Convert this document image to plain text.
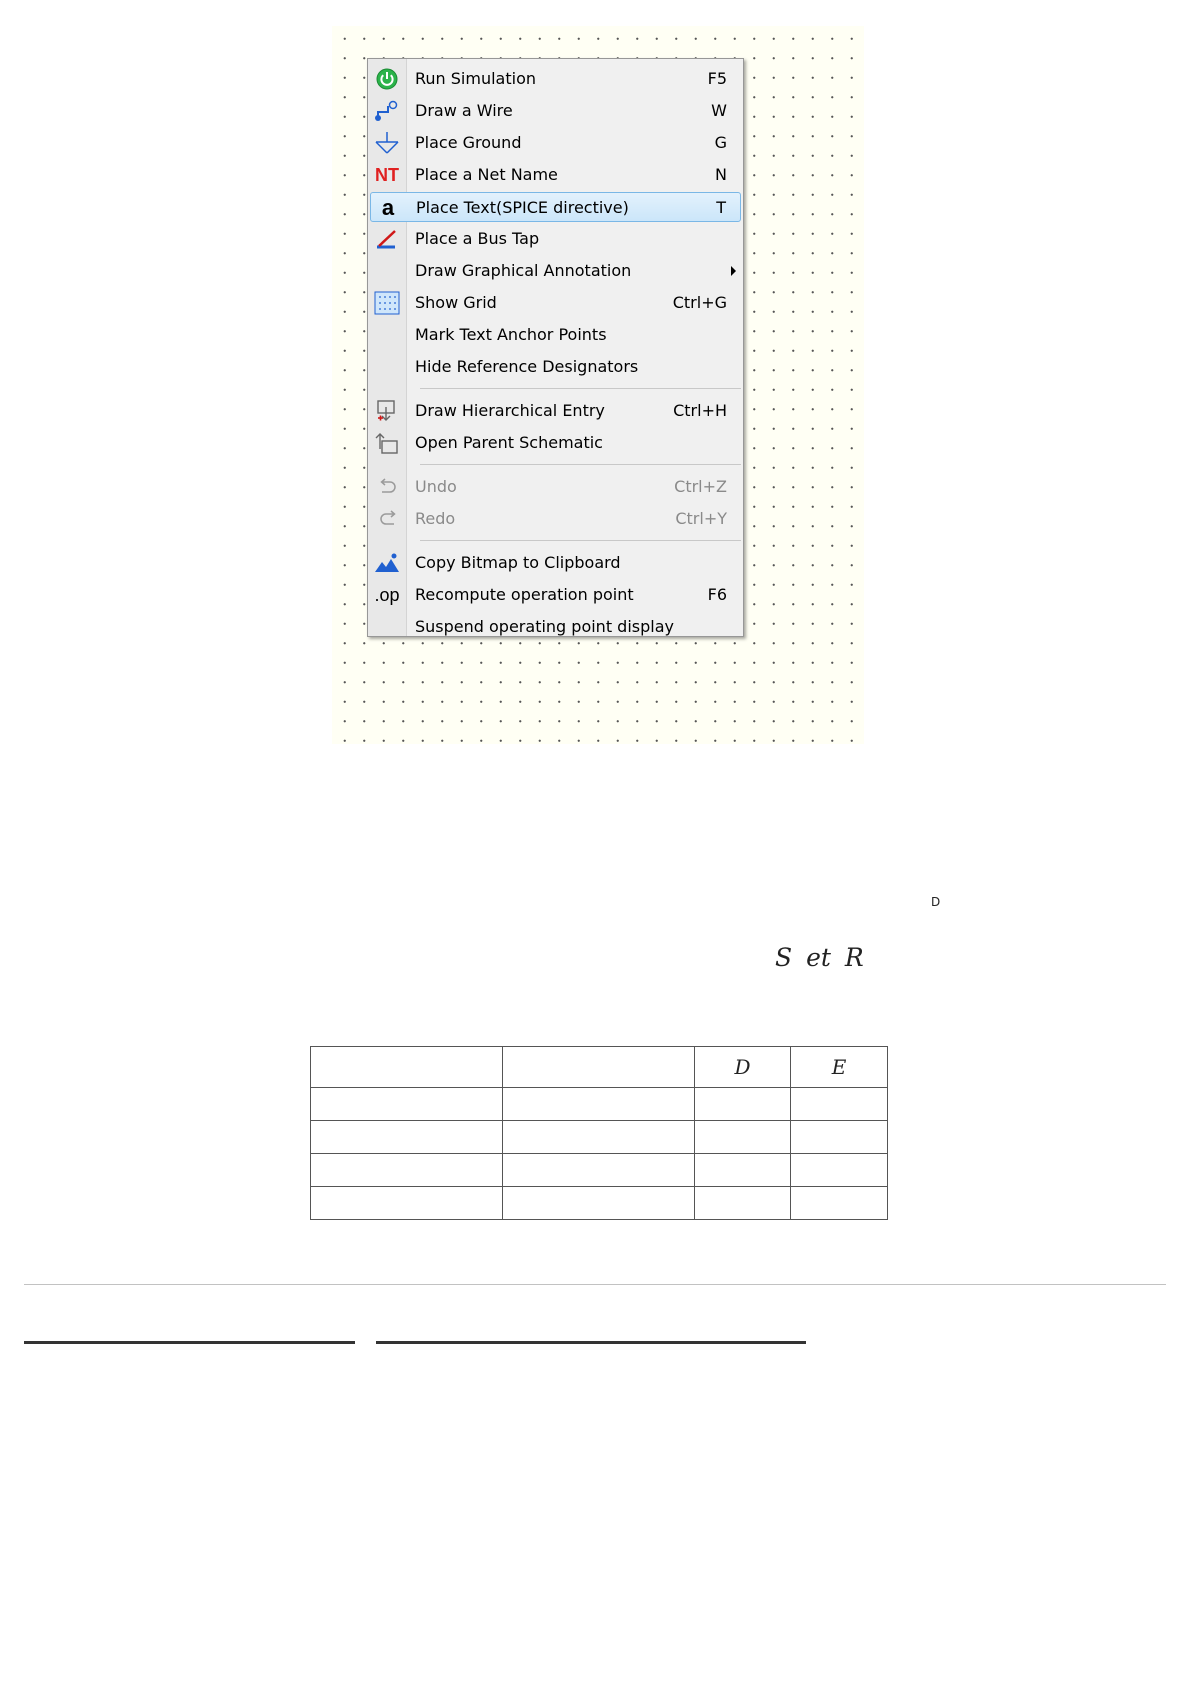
Run Simulation	F5
Draw a Wire	W
Place Ground	G
NT Place a Net Name	N
a	Place Text(SPICE directive)	T
Place a Bus Tap
Draw Graphical Annotation
Show Grid	Ctrl+G
Mark Text Anchor Points
Hide Reference Designators
Draw Hierarchical Entry	Ctrl+H
Open Parent Schematic
Undo	Ctrl+Z
Redo	Ctrl+Y
Copy Bitmap to Clipboard
.op Recompute operation point	F6
Suspend operating point display
D
S et R
		D	E
